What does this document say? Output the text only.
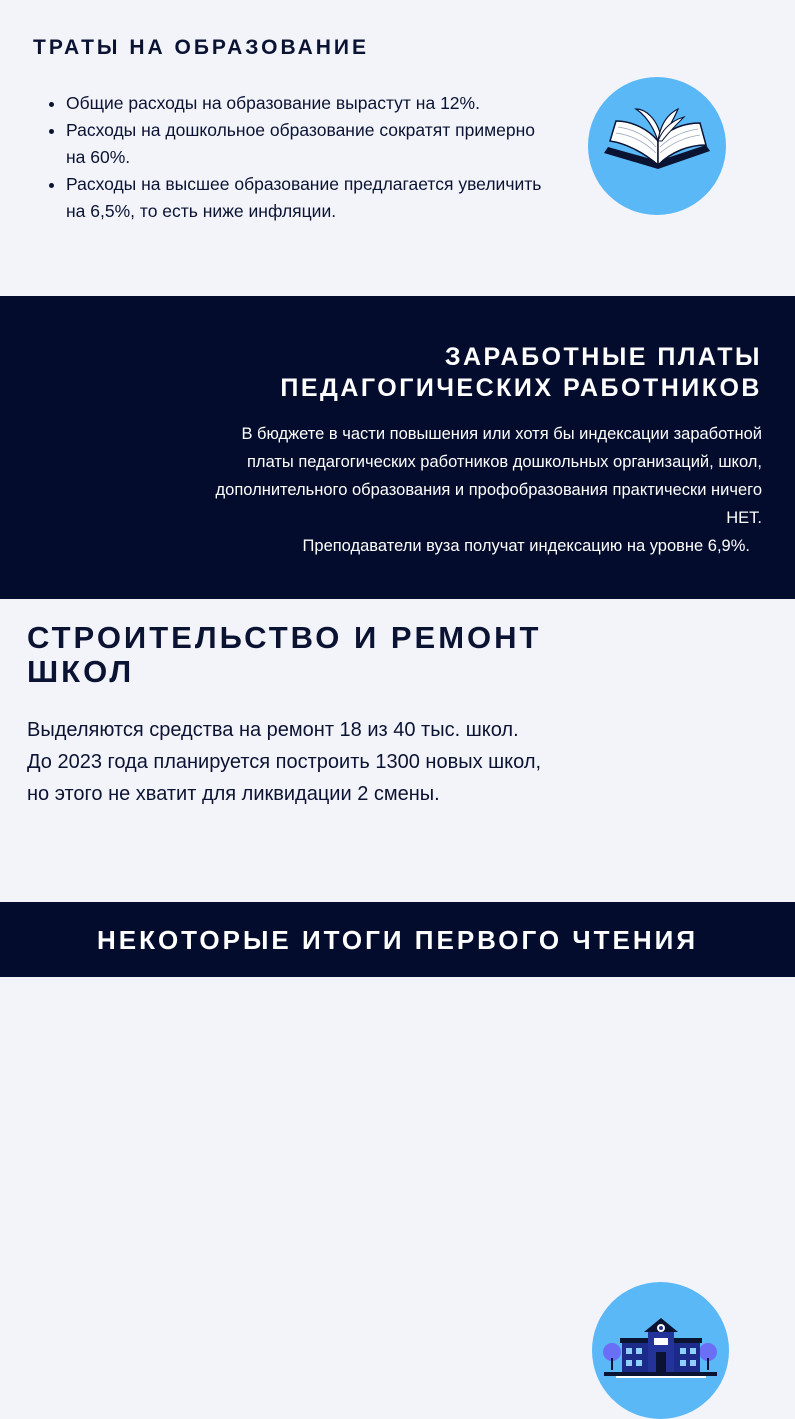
ТРАТЫ НА ОБРАЗОВАНИЕ
• Общие расходы на образование вырастут на 12%.
• Расходы на дошкольное образование сократят примерно на 60%.
• Расходы на высшее образование предлагается увеличить на 6,5%, то есть ниже инфляции.
ЗАРАБОТНЫЕ ПЛАТЫ
ПЕДАГОГИЧЕСКИХ РАБОТНИКОВ

В бюджете в части повышения или хотя бы индексации заработной платы педагогических работников дошкольных организаций, школ, дополнительного образования и профобразования практически ничего НЕТ.
Преподаватели вуза получат индексацию на уровне 6,9%.

СТРОИТЕЛЬСТВО И РЕМОНТ ШКОЛ

Выделяются средства на ремонт 18 из 40 тыс. школ.
До 2023 года планируется построить 1300 новых школ, но этого не хватит для ликвидации 2 смены.

НЕКОТОРЫЕ ИТОГИ ПЕРВОГО ЧТЕНИЯ
